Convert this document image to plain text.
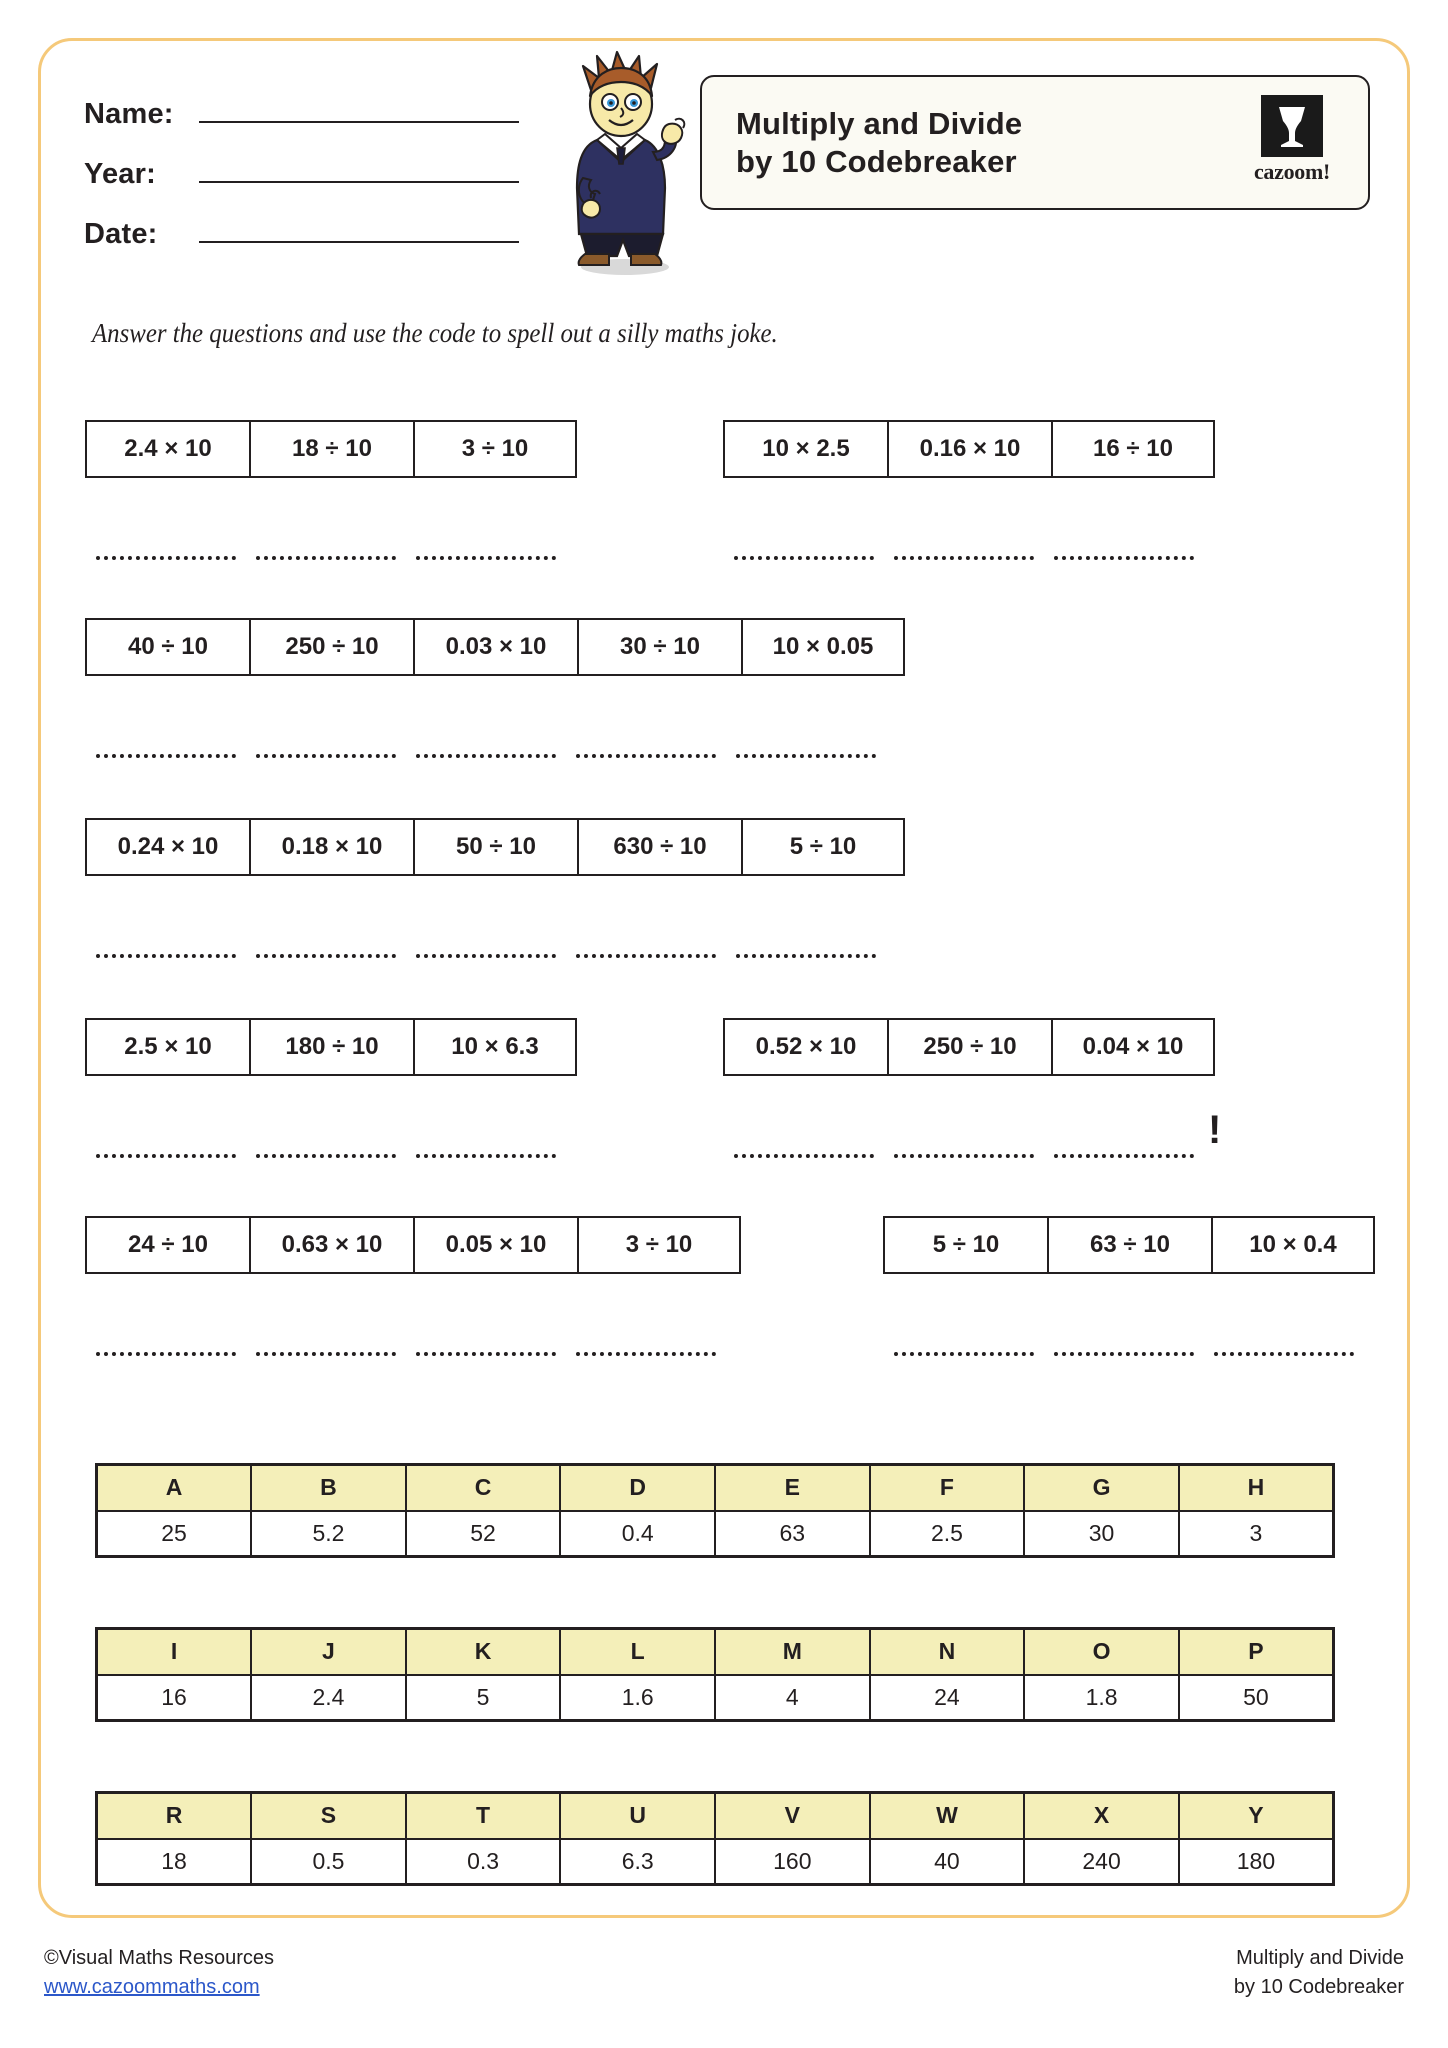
Name:
Year:
Date:
Multiply and Divide
by 10 Codebreaker	cazoom!
Answer the questions and use the code to spell out a silly maths joke.
2.4 × 10	18 ÷ 10	3 ÷ 10	10 × 2.5	0.16 × 10	16 ÷ 10
40 ÷ 10	250 ÷ 10	0.03 × 10	30 ÷ 10	10 × 0.05
0.24 × 10	0.18 × 10	50 ÷ 10	630 ÷ 10	5 ÷ 10
2.5 × 10	180 ÷ 10	10 × 6.3	0.52 × 10	250 ÷ 10	0.04 × 10
!
24 ÷ 10	0.63 × 10	0.05 × 10	3 ÷ 10	5 ÷ 10	63 ÷ 10	10 × 0.4
A	B	C	D	E	F	G	H
25	5.2	52	0.4	63	2.5	30	3
I	J	K	L	M	N	O	P
16	2.4	5	1.6	4	24	1.8	50
R	S	T	U	V	W	X	Y
18	0.5	0.3	6.3	160	40	240	180
©Visual Maths Resources
www.cazoommaths.com
Multiply and Divide
by 10 Codebreaker
